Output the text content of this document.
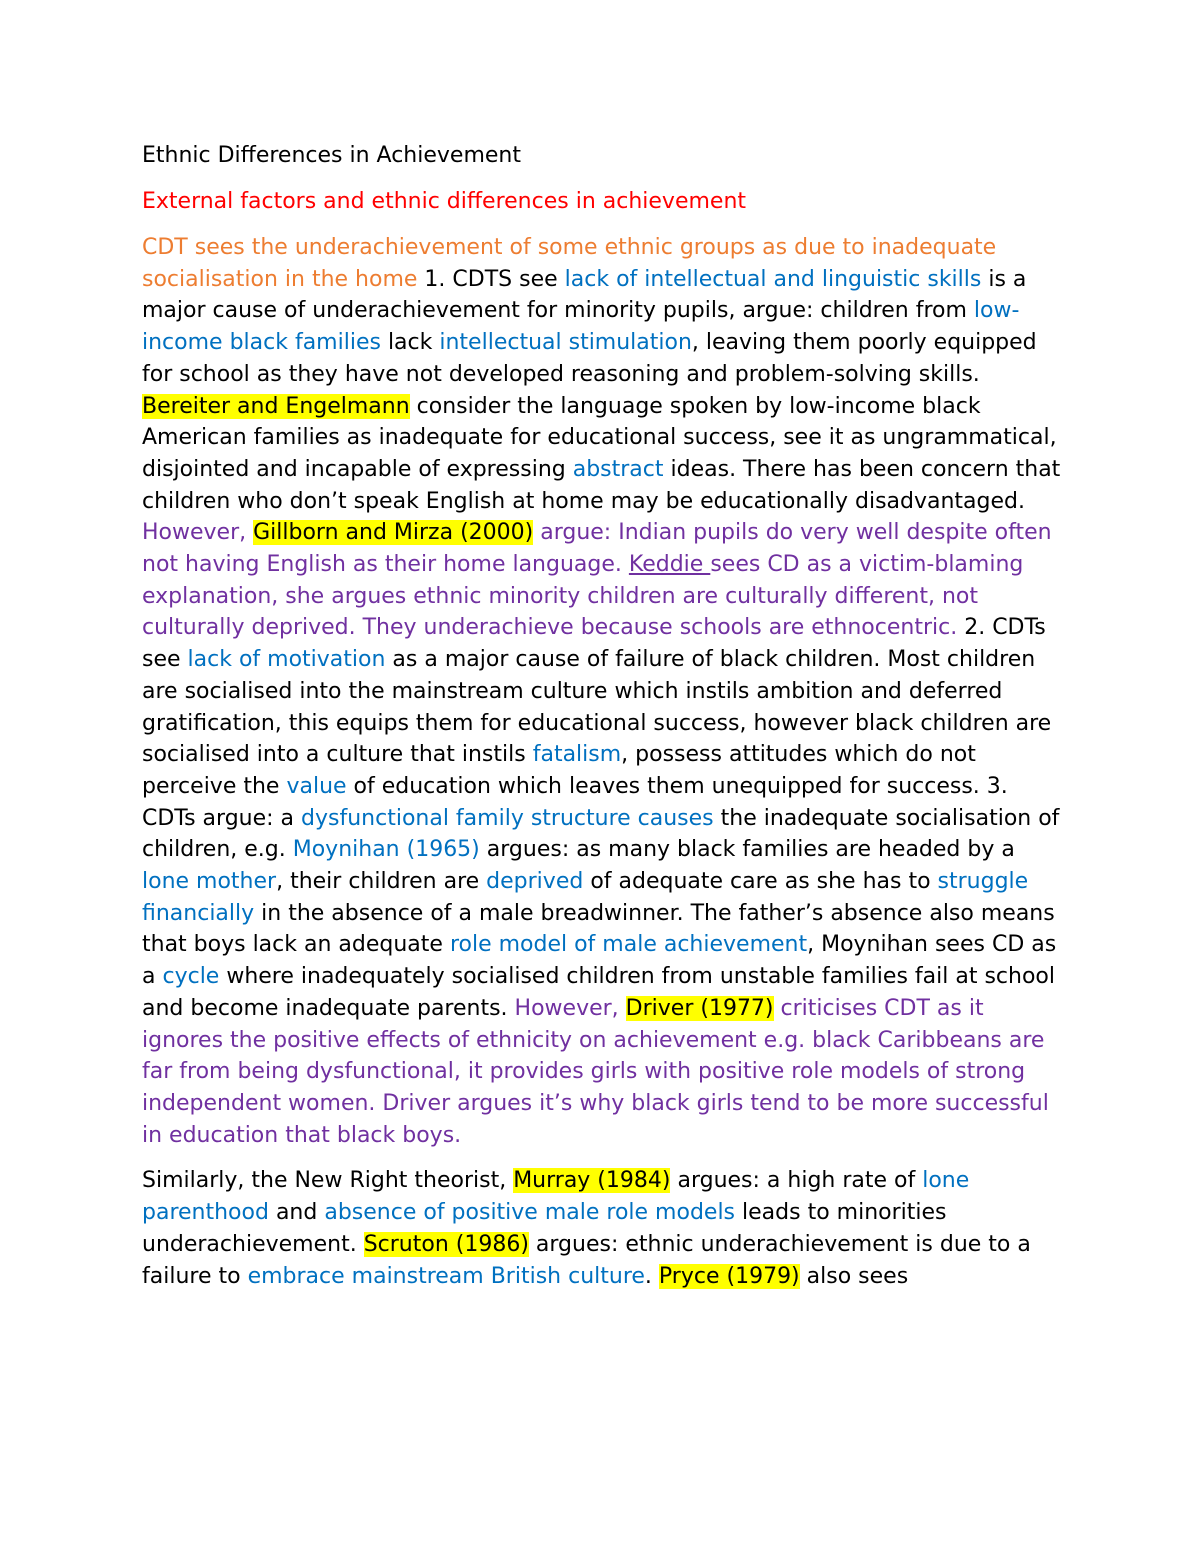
Ethnic Differences in Achievement
External factors and ethnic differences in achievement
CDT sees the underachievement of some ethnic groups as due to inadequate socialisation in the home 1. CDTS see lack of intellectual and linguistic skills is a major cause of underachievement for minority pupils, argue: children from low-income black families lack intellectual stimulation, leaving them poorly equipped for school as they have not developed reasoning and problem-solving skills. Bereiter and Engelmann consider the language spoken by low-income black American families as inadequate for educational success, see it as ungrammatical, disjointed and incapable of expressing abstract ideas. There has been concern that children who don’t speak English at home may be educationally disadvantaged. However, Gillborn and Mirza (2000) argue: Indian pupils do very well despite often not having English as their home language. Keddie sees CD as a victim-blaming explanation, she argues ethnic minority children are culturally different, not culturally deprived. They underachieve because schools are ethnocentric. 2. CDTs see lack of motivation as a major cause of failure of black children. Most children are socialised into the mainstream culture which instils ambition and deferred gratification, this equips them for educational success, however black children are socialised into a culture that instils fatalism, possess attitudes which do not perceive the value of education which leaves them unequipped for success. 3. CDTs argue: a dysfunctional family structure causes the inadequate socialisation of children, e.g. Moynihan (1965) argues: as many black families are headed by a lone mother, their children are deprived of adequate care as she has to struggle financially in the absence of a male breadwinner. The father’s absence also means that boys lack an adequate role model of male achievement, Moynihan sees CD as a cycle where inadequately socialised children from unstable families fail at school and become inadequate parents. However, Driver (1977) criticises CDT as it ignores the positive effects of ethnicity on achievement e.g. black Caribbeans are far from being dysfunctional, it provides girls with positive role models of strong independent women. Driver argues it’s why black girls tend to be more successful in education that black boys.
Similarly, the New Right theorist, Murray (1984) argues: a high rate of lone parenthood and absence of positive male role models leads to minorities underachievement. Scruton (1986) argues: ethnic underachievement is due to a failure to embrace mainstream British culture. Pryce (1979) also sees
